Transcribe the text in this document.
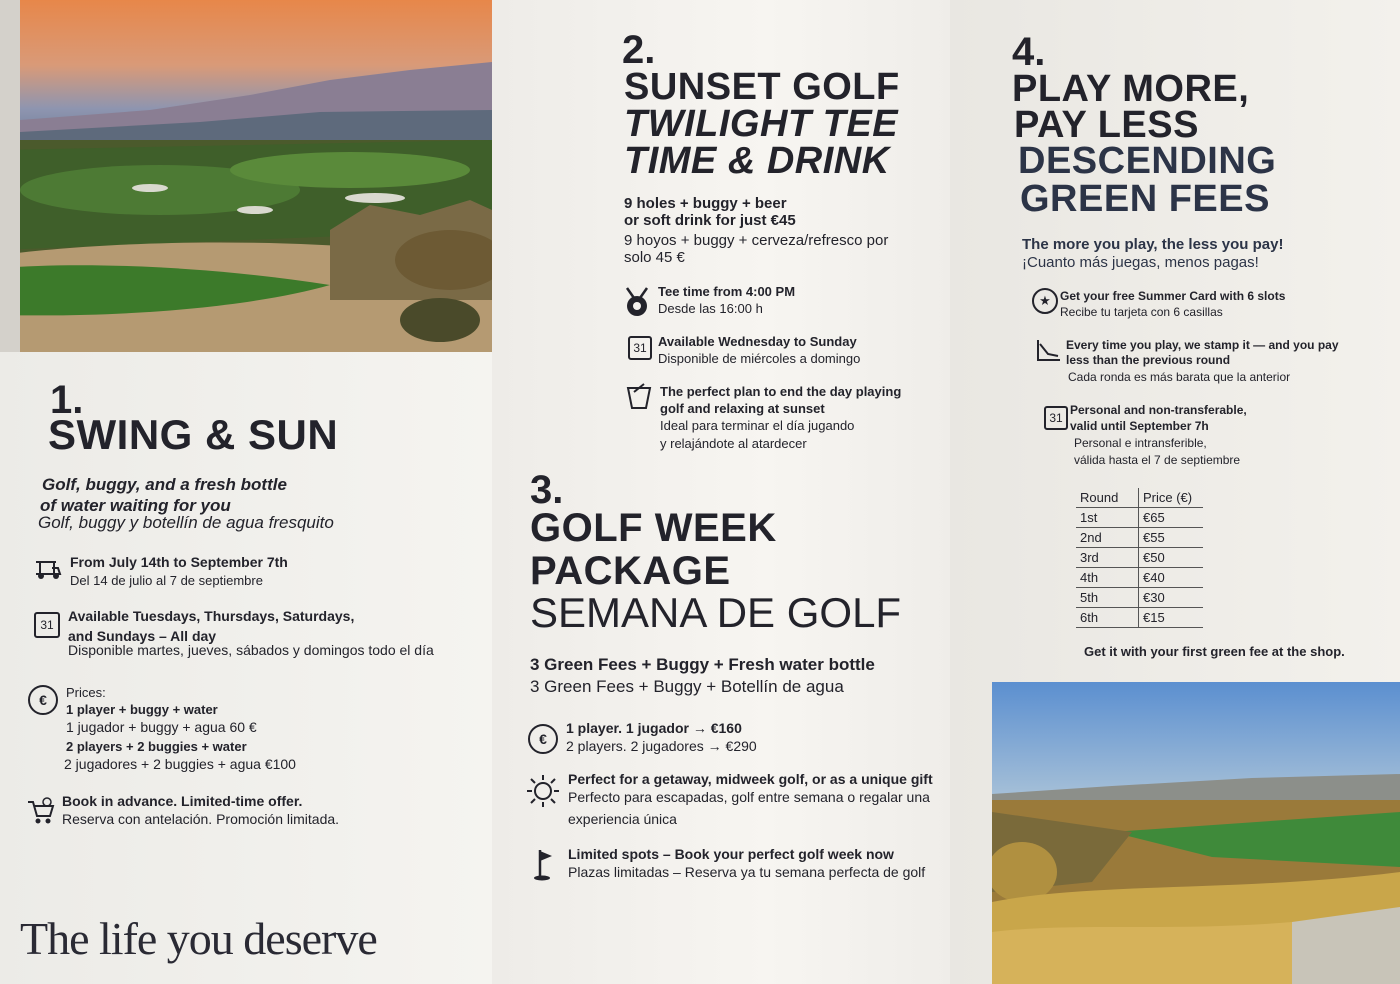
1.
SWING & SUN
Golf, buggy, and a fresh bottle
of water waiting for you
Golf, buggy y botellín de agua fresquito
From July 14th to September 7th
Del 14 de julio al 7 de septiembre
31
Available Tuesdays, Thursdays, Saturdays,
and Sundays – All day
Disponible martes, jueves, sábados y domingos todo el día
€	Prices:
1 player + buggy + water
1 jugador + buggy + agua 60 €
2 players + 2 buggies + water
2 jugadores + 2 buggies + agua €100
Book in advance. Limited-time offer.
Reserva con antelación. Promoción limitada.
The life you deserve
2.
SUNSET GOLF
TWILIGHT TEE
TIME & DRINK
9 holes + buggy + beer
or soft drink for just €45
9 hoyos + buggy + cerveza/refresco por
solo 45 €
Tee time from 4:00 PM
Desde las 16:00 h
31 Available Wednesday to Sunday
Disponible de miércoles a domingo
The perfect plan to end the day playing
golf and relaxing at sunset
Ideal para terminar el día jugando
y relajándote al atardecer
3.
GOLF WEEK
PACKAGE
SEMANA DE GOLF
3 Green Fees + Buggy + Fresh water bottle
3 Green Fees + Buggy + Botellín de agua
€
1 player. 1 jugador → €160
2 players. 2 jugadores → €290
Perfect for a getaway, midweek golf, or as a unique gift
Perfecto para escapadas, golf entre semana o regalar una
experiencia única
Limited spots – Book your perfect golf week now
Plazas limitadas – Reserva ya tu semana perfecta de golf
4.
PLAY MORE,
PAY LESS
DESCENDING
GREEN FEES
The more you play, the less you pay!
¡Cuanto más juegas, menos pagas!
★ Get your free Summer Card with 6 slots
Recibe tu tarjeta con 6 casillas
Every time you play, we stamp it — and you pay
less than the previous round
Cada ronda es más barata que la anterior
31
Personal and non-transferable,
valid until September 7h
Personal e intransferible,
válida hasta el 7 de septiembre
Round	Price (€)
1st	€65
2nd	€55
3rd	€50
4th	€40
5th	€30
6th	€15
Get it with your first green fee at the shop.
